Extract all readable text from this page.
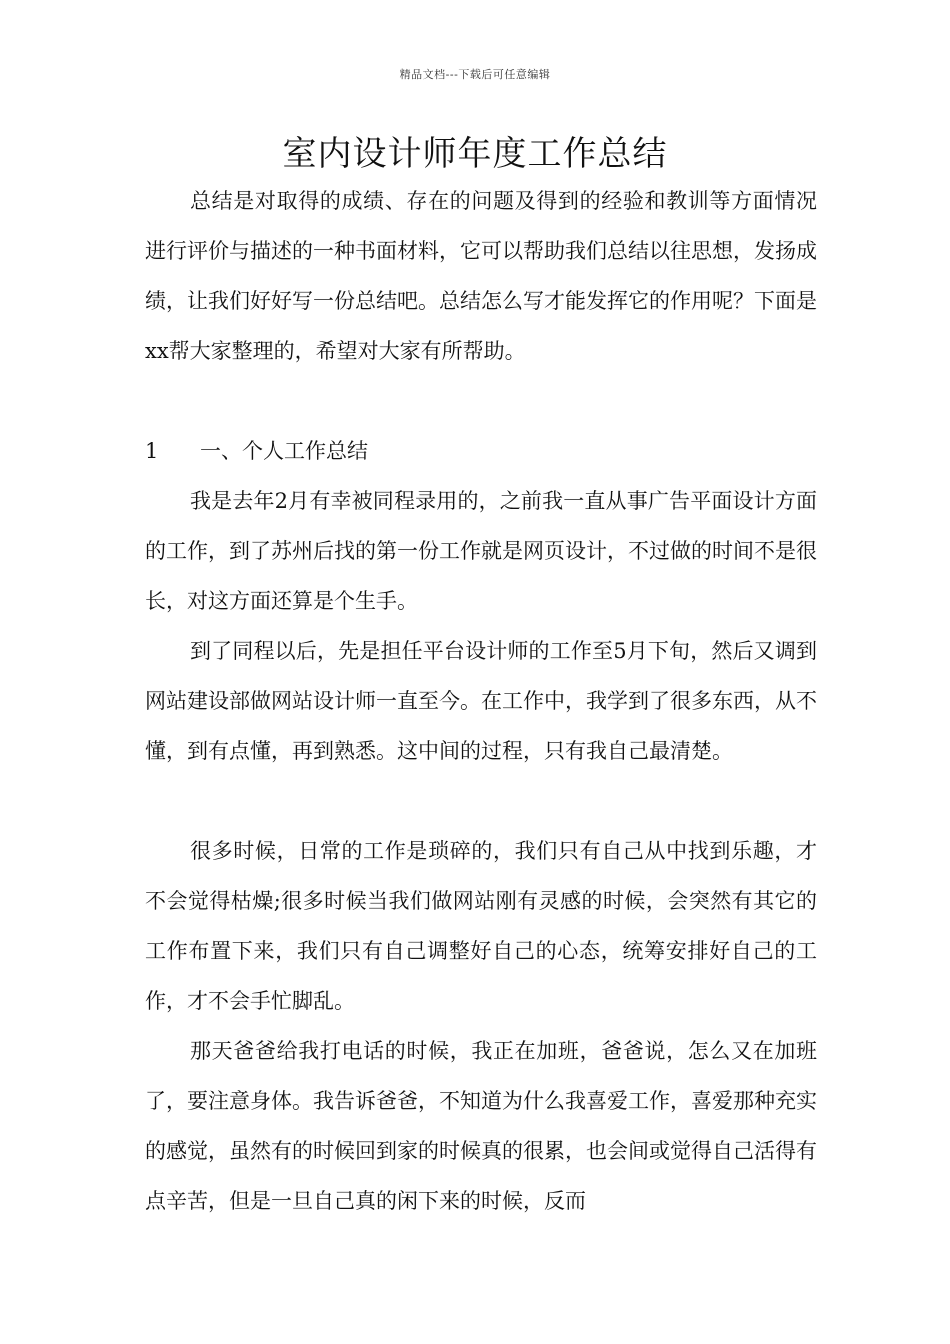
精品文档---下载后可任意编辑
室内设计师年度工作总结

总结是对取得的成绩、存在的问题及得到的经验和教训等方面情况进行评价与描述的一种书面材料，它可以帮助我们总结以往思想，发扬成绩，让我们好好写一份总结吧。总结怎么写才能发挥它的作用呢？下面是xx帮大家整理的，希望对大家有所帮助。

1	一、个人工作总结

我是去年2月有幸被同程录用的，之前我一直从事广告平面设计方面的工作，到了苏州后找的第一份工作就是网页设计，不过做的时间不是很长，对这方面还算是个生手。

到了同程以后，先是担任平台设计师的工作至5月下旬，然后又调到网站建设部做网站设计师一直至今。在工作中，我学到了很多东西，从不懂，到有点懂，再到熟悉。这中间的过程，只有我自己最清楚。

很多时候，日常的工作是琐碎的，我们只有自己从中找到乐趣，才不会觉得枯燥;很多时候当我们做网站刚有灵感的时候，会突然有其它的工作布置下来，我们只有自己调整好自己的心态，统筹安排好自己的工作，才不会手忙脚乱。

那天爸爸给我打电话的时候，我正在加班，爸爸说，怎么又在加班了，要注意身体。我告诉爸爸，不知道为什么我喜爱工作，喜爱那种充实的感觉，虽然有的时候回到家的时候真的很累，也会间或觉得自己活得有点辛苦，但是一旦自己真的闲下来的时候，反而
